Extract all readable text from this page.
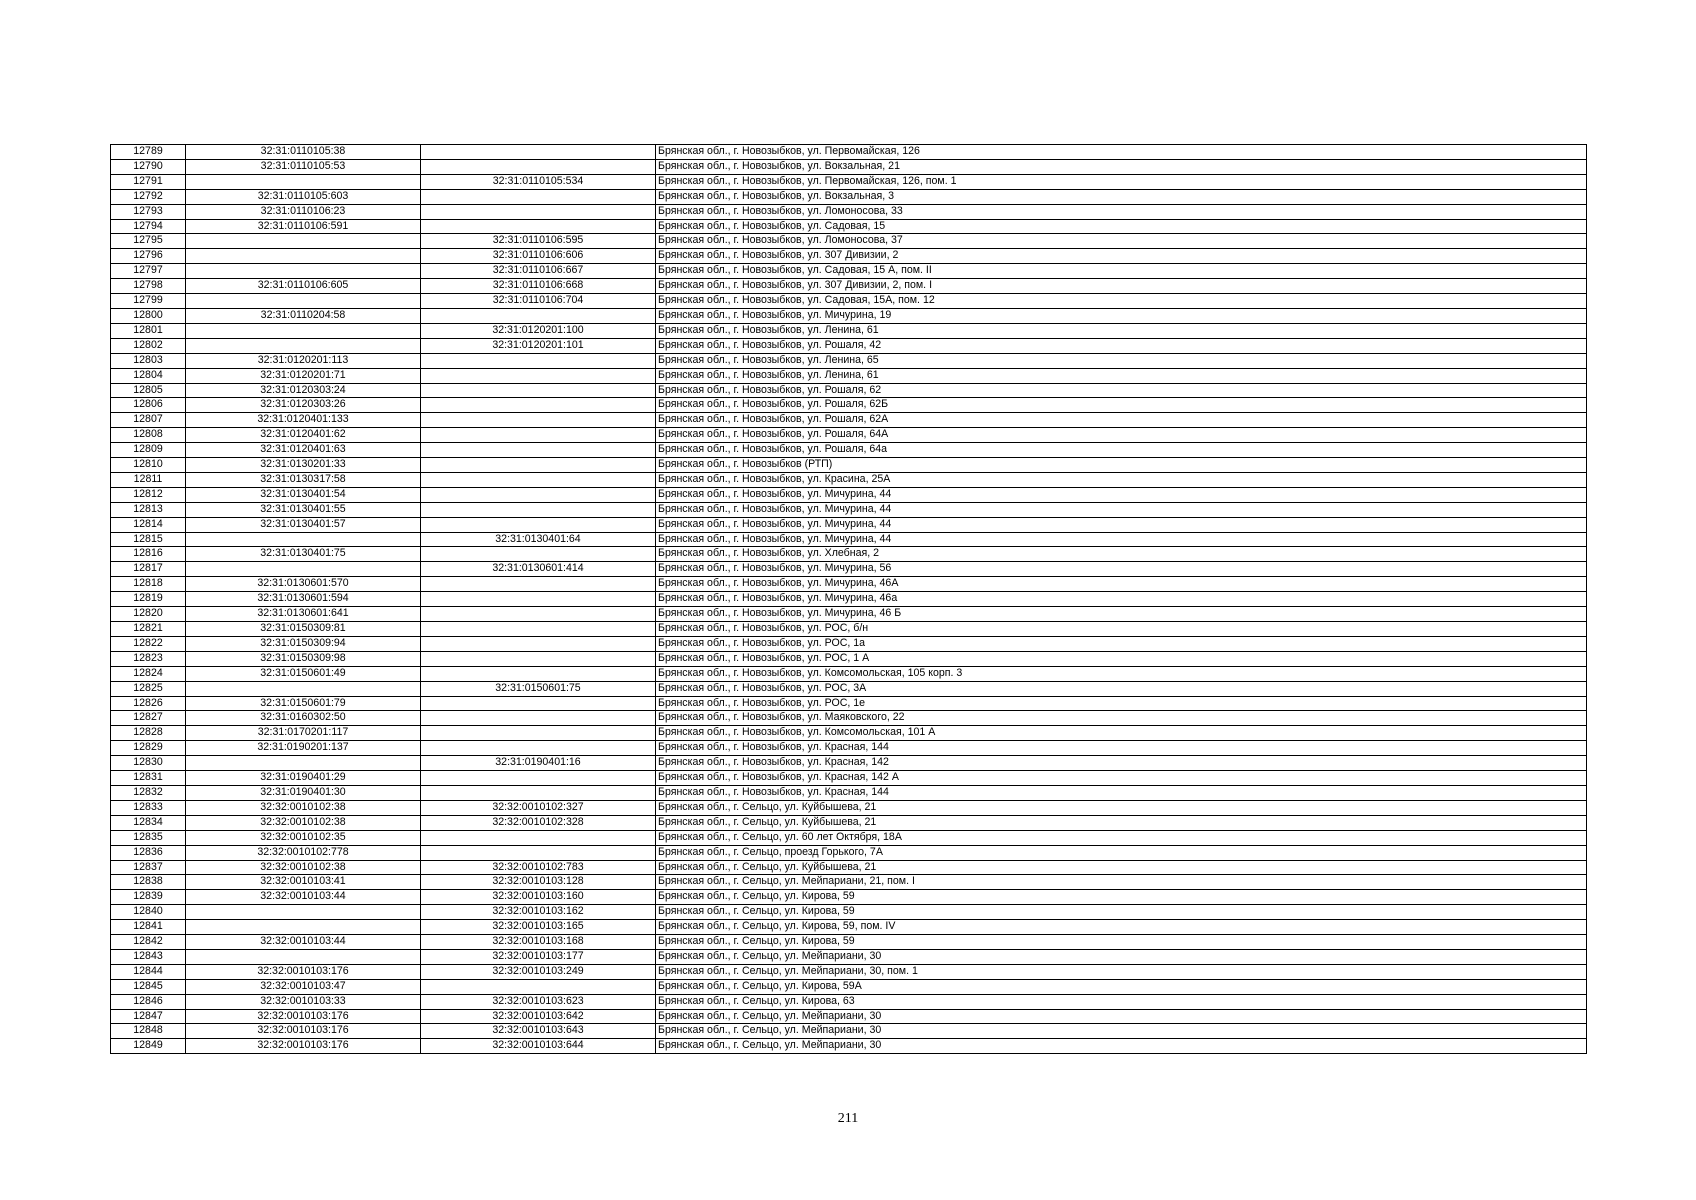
12789	32:31:0110105:38		Брянская обл., г. Новозыбков, ул. Первомайская, 126
12790	32:31:0110105:53		Брянская обл., г. Новозыбков, ул. Вокзальная, 21
12791		32:31:0110105:534	Брянская обл., г. Новозыбков, ул. Первомайская, 126, пом. 1
12792	32:31:0110105:603		Брянская обл., г. Новозыбков, ул. Вокзальная, 3
12793	32:31:0110106:23		Брянская обл., г. Новозыбков, ул. Ломоносова, 33
12794	32:31:0110106:591		Брянская обл., г. Новозыбков, ул. Садовая, 15
12795		32:31:0110106:595	Брянская обл., г. Новозыбков, ул. Ломоносова, 37
12796		32:31:0110106:606	Брянская обл., г. Новозыбков, ул. 307 Дивизии, 2
12797		32:31:0110106:667	Брянская обл., г. Новозыбков, ул. Садовая, 15 А, пом. II
12798	32:31:0110106:605	32:31:0110106:668	Брянская обл., г. Новозыбков, ул. 307 Дивизии, 2, пом. I
12799		32:31:0110106:704	Брянская обл., г. Новозыбков, ул. Садовая, 15А, пом. 12
12800	32:31:0110204:58		Брянская обл., г. Новозыбков, ул. Мичурина, 19
12801		32:31:0120201:100	Брянская обл., г. Новозыбков, ул. Ленина, 61
12802		32:31:0120201:101	Брянская обл., г. Новозыбков, ул. Рошаля, 42
12803	32:31:0120201:113		Брянская обл., г. Новозыбков, ул. Ленина, 65
12804	32:31:0120201:71		Брянская обл., г. Новозыбков, ул. Ленина, 61
12805	32:31:0120303:24		Брянская обл., г. Новозыбков, ул. Рошаля, 62
12806	32:31:0120303:26		Брянская обл., г. Новозыбков, ул. Рошаля, 62Б
12807	32:31:0120401:133		Брянская обл., г. Новозыбков, ул. Рошаля, 62А
12808	32:31:0120401:62		Брянская обл., г. Новозыбков, ул. Рошаля, 64А
12809	32:31:0120401:63		Брянская обл., г. Новозыбков, ул. Рошаля, 64а
12810	32:31:0130201:33		Брянская обл., г. Новозыбков (РТП)
12811	32:31:0130317:58		Брянская обл., г. Новозыбков, ул. Красина, 25А
12812	32:31:0130401:54		Брянская обл., г. Новозыбков, ул. Мичурина, 44
12813	32:31:0130401:55		Брянская обл., г. Новозыбков, ул. Мичурина, 44
12814	32:31:0130401:57		Брянская обл., г. Новозыбков, ул. Мичурина, 44
12815		32:31:0130401:64	Брянская обл., г. Новозыбков, ул. Мичурина, 44
12816	32:31:0130401:75		Брянская обл., г. Новозыбков, ул. Хлебная, 2
12817		32:31:0130601:414	Брянская обл., г. Новозыбков, ул. Мичурина, 56
12818	32:31:0130601:570		Брянская обл., г. Новозыбков, ул. Мичурина, 46А
12819	32:31:0130601:594		Брянская обл., г. Новозыбков, ул. Мичурина, 46а
12820	32:31:0130601:641		Брянская обл., г. Новозыбков, ул. Мичурина, 46 Б
12821	32:31:0150309:81		Брянская обл., г. Новозыбков, ул. РОС, б/н
12822	32:31:0150309:94		Брянская обл., г. Новозыбков, ул. РОС, 1а
12823	32:31:0150309:98		Брянская обл., г. Новозыбков, ул. РОС, 1 А
12824	32:31:0150601:49		Брянская обл., г. Новозыбков, ул. Комсомольская, 105 корп. 3
12825		32:31:0150601:75	Брянская обл., г. Новозыбков, ул. РОС, 3А
12826	32:31:0150601:79		Брянская обл., г. Новозыбков, ул. РОС, 1е
12827	32:31:0160302:50		Брянская обл., г. Новозыбков, ул. Маяковского, 22
12828	32:31:0170201:117		Брянская обл., г. Новозыбков, ул. Комсомольская, 101 А
12829	32:31:0190201:137		Брянская обл., г. Новозыбков, ул. Красная, 144
12830		32:31:0190401:16	Брянская обл., г. Новозыбков, ул. Красная, 142
12831	32:31:0190401:29		Брянская обл., г. Новозыбков, ул. Красная, 142 А
12832	32:31:0190401:30		Брянская обл., г. Новозыбков, ул. Красная, 144
12833	32:32:0010102:38	32:32:0010102:327	Брянская обл., г. Сельцо, ул. Куйбышева, 21
12834	32:32:0010102:38	32:32:0010102:328	Брянская обл., г. Сельцо, ул. Куйбышева, 21
12835	32:32:0010102:35		Брянская обл., г. Сельцо, ул. 60 лет Октября, 18А
12836	32:32:0010102:778		Брянская обл., г. Сельцо, проезд Горького, 7А
12837	32:32:0010102:38	32:32:0010102:783	Брянская обл., г. Сельцо, ул. Куйбышева, 21
12838	32:32:0010103:41	32:32:0010103:128	Брянская обл., г. Сельцо, ул. Мейпариани, 21, пом. I
12839	32:32:0010103:44	32:32:0010103:160	Брянская обл., г. Сельцо, ул. Кирова, 59
12840		32:32:0010103:162	Брянская обл., г. Сельцо, ул. Кирова, 59
12841		32:32:0010103:165	Брянская обл., г. Сельцо, ул. Кирова, 59, пом. IV
12842	32:32:0010103:44	32:32:0010103:168	Брянская обл., г. Сельцо, ул. Кирова, 59
12843		32:32:0010103:177	Брянская обл., г. Сельцо, ул. Мейпариани, 30
12844	32:32:0010103:176	32:32:0010103:249	Брянская обл., г. Сельцо, ул. Мейпариани, 30, пом. 1
12845	32:32:0010103:47		Брянская обл., г. Сельцо, ул. Кирова, 59А
12846	32:32:0010103:33	32:32:0010103:623	Брянская обл., г. Сельцо, ул. Кирова, 63
12847	32:32:0010103:176	32:32:0010103:642	Брянская обл., г. Сельцо, ул. Мейпариани, 30
12848	32:32:0010103:176	32:32:0010103:643	Брянская обл., г. Сельцо, ул. Мейпариани, 30
12849	32:32:0010103:176	32:32:0010103:644	Брянская обл., г. Сельцо, ул. Мейпариани, 30
211
